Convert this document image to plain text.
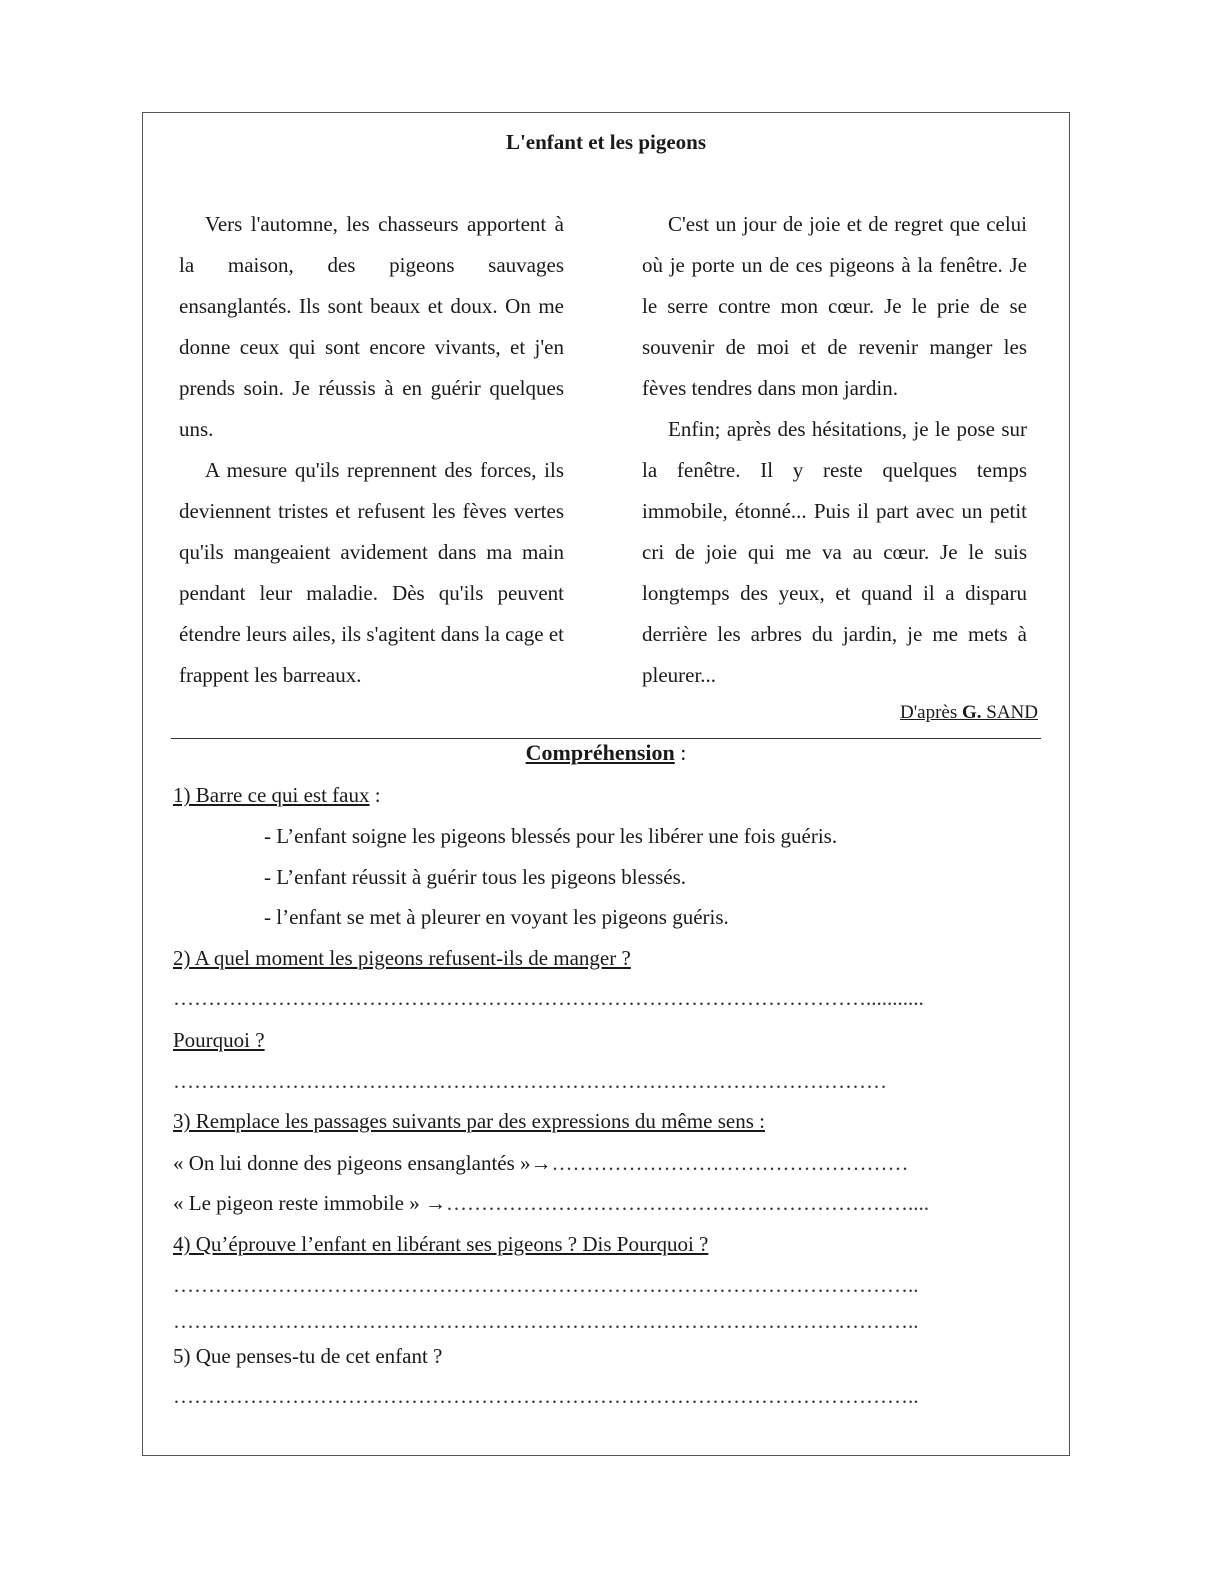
L'enfant et les pigeons

Vers l'automne, les chasseurs apportent à la maison, des pigeons sauvages ensanglantés. Ils sont beaux et doux. On me donne ceux qui sont encore vivants, et j'en prends soin. Je réussis à en guérir quelques uns.

A mesure qu'ils reprennent des forces, ils deviennent tristes et refusent les fèves vertes qu'ils mangeaient avidement dans ma main pendant leur maladie. Dès qu'ils peuvent étendre leurs ailes, ils s'agitent dans la cage et frappent les barreaux.

C'est un jour de joie et de regret que celui où je porte un de ces pigeons à la fenêtre. Je le serre contre mon cœur. Je le prie de se souvenir de moi et de revenir manger les fèves tendres dans mon jardin.

Enfin; après des hésitations, je le pose sur la fenêtre. Il y reste quelques temps immobile, étonné... Puis il part avec un petit cri de joie qui me va au cœur. Je le suis longtemps des yeux, et quand il a disparu derrière les arbres du jardin, je me mets à pleurer...

D'après G. SAND
Compréhension :
1) Barre ce qui est faux :
- L’enfant soigne les pigeons blessés pour les libérer une fois guéris.
- L’enfant réussit à guérir tous les pigeons blessés.
- l’enfant se met à pleurer en voyant les pigeons guéris.
2) A quel moment les pigeons refusent-ils de manger ?
………………………………………………………………………………………...........
Pourquoi ?
…………………………………………………………………………………………
3) Remplace les passages suivants par des expressions du même sens :
« On lui donne des pigeons ensanglantés »→……………………………………………
« Le pigeon reste immobile » →…………………………………………………………....
4) Qu’éprouve l’enfant en libérant ses pigeons ? Dis Pourquoi ?
……………………………………………………………………………………………..
……………………………………………………………………………………………..
5) Que penses-tu de cet enfant ?
……………………………………………………………………………………………..
